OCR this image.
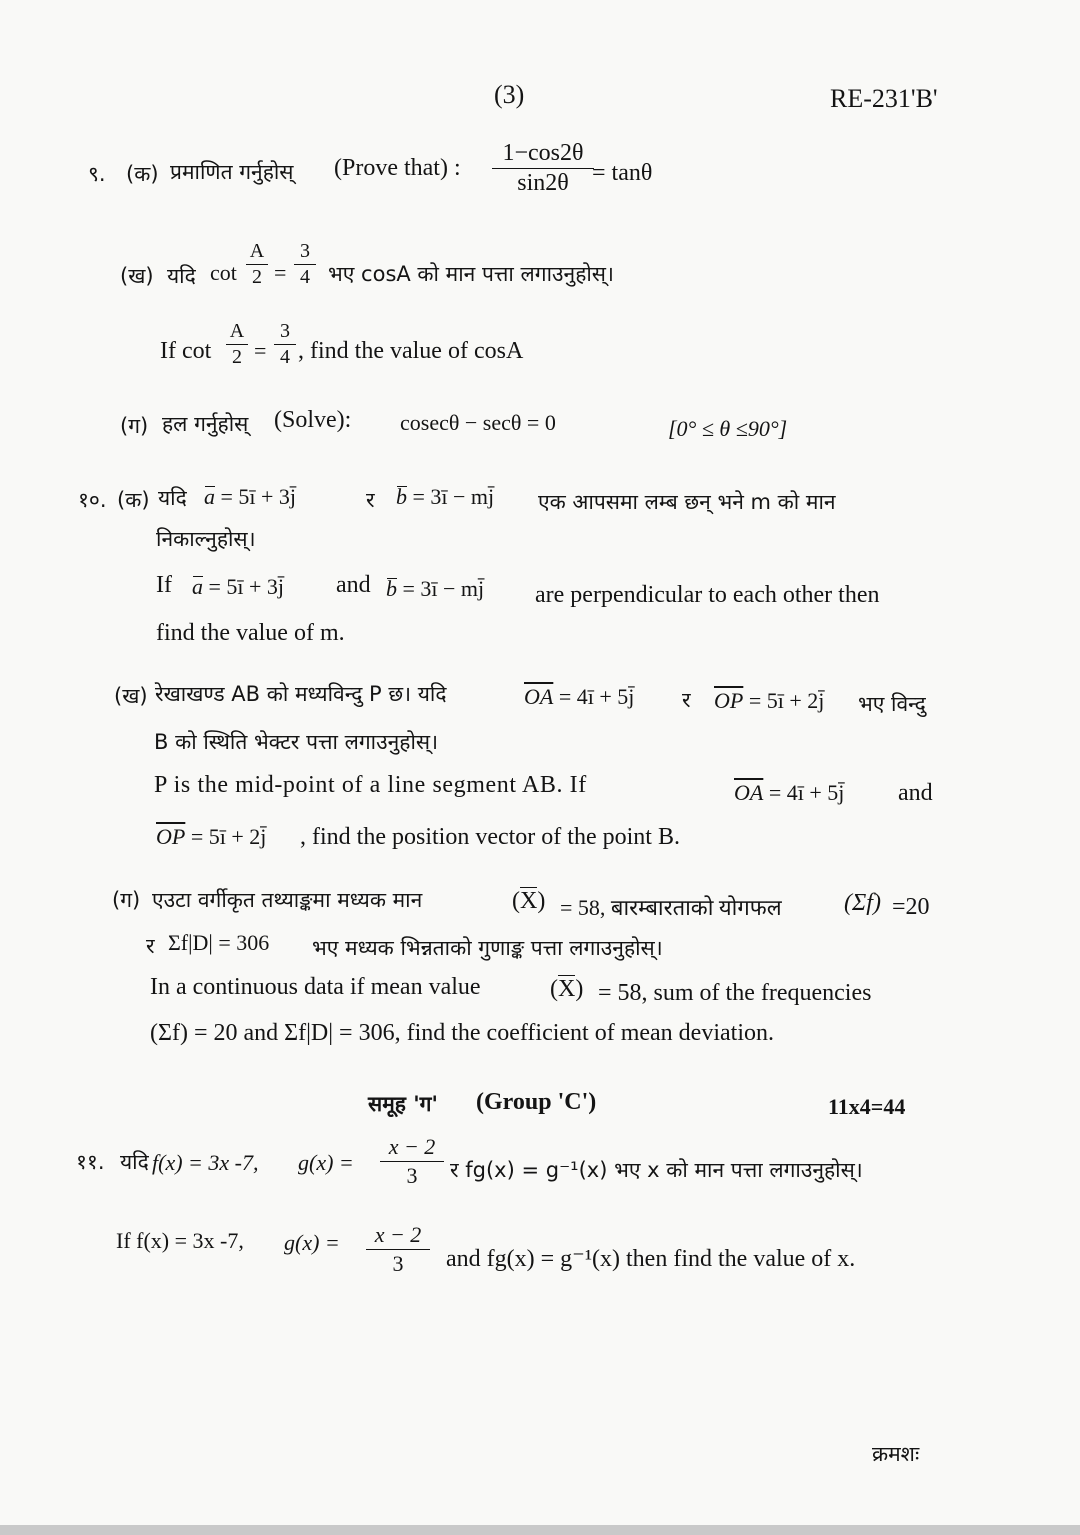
(3)	RE-231'B'
९. (क) प्रमाणित गर्नुहोस् (Prove that) :
1−cos2θ
sin2θ = tanθ
(ख) यदि cot
A
2 =
3
4 भए cosA को मान पत्ता लगाउनुहोस्।
If cot
A
2 =
3
4 , find the value of cosA
(ग) हल गर्नुहोस् (Solve): cosecθ − secθ = 0	[0° ≤ θ ≤90°]
१०. (क) यदि a = 5ī + 3j̄	र b = 3ī − mj̄ एक आपसमा लम्ब छन् भने m को मान
निकाल्नुहोस्।
If a = 5ī + 3j̄ and b = 3ī − mj̄ are perpendicular to each other then
find the value of m.
(ख) रेखाखण्ड AB को मध्यविन्दु P छ। यदि	$\overline{OA}$ = 4ī + 5j̄ र $\overline{OP}$ = 5ī + 2j̄ भए विन्दु
B को स्थिति भेक्टर पत्ता लगाउनुहोस्।
P is the mid-point of a line segment AB. If	$\overline{OA}$ = 4ī + 5j̄ and
$\overline{OP}$ = 5ī + 2j̄ , find the position vector of the point B.
(ग) एउटा वर्गीकृत तथ्याङ्कमा मध्यक मान	(X) = 58, बारम्बारताको योगफल	(Σf) =20
र Σf|D| = 306 भए मध्यक भिन्नताको गुणाङ्क पत्ता लगाउनुहोस्।
In a continuous data if mean value	(X) = 58, sum of the frequencies
(Σf) = 20 and Σf|D| = 306, find the coefficient of mean deviation.
समूह 'ग' (Group 'C')	11x4=44
११. यदि f(x) = 3x -7, g(x) =
x − 2
3	र fg(x) = g⁻¹(x) भए x को मान पत्ता लगाउनुहोस्।
If f(x) = 3x -7, g(x) =	x − 2
3	and fg(x) = g⁻¹(x) then find the value of x.
क्रमशः
